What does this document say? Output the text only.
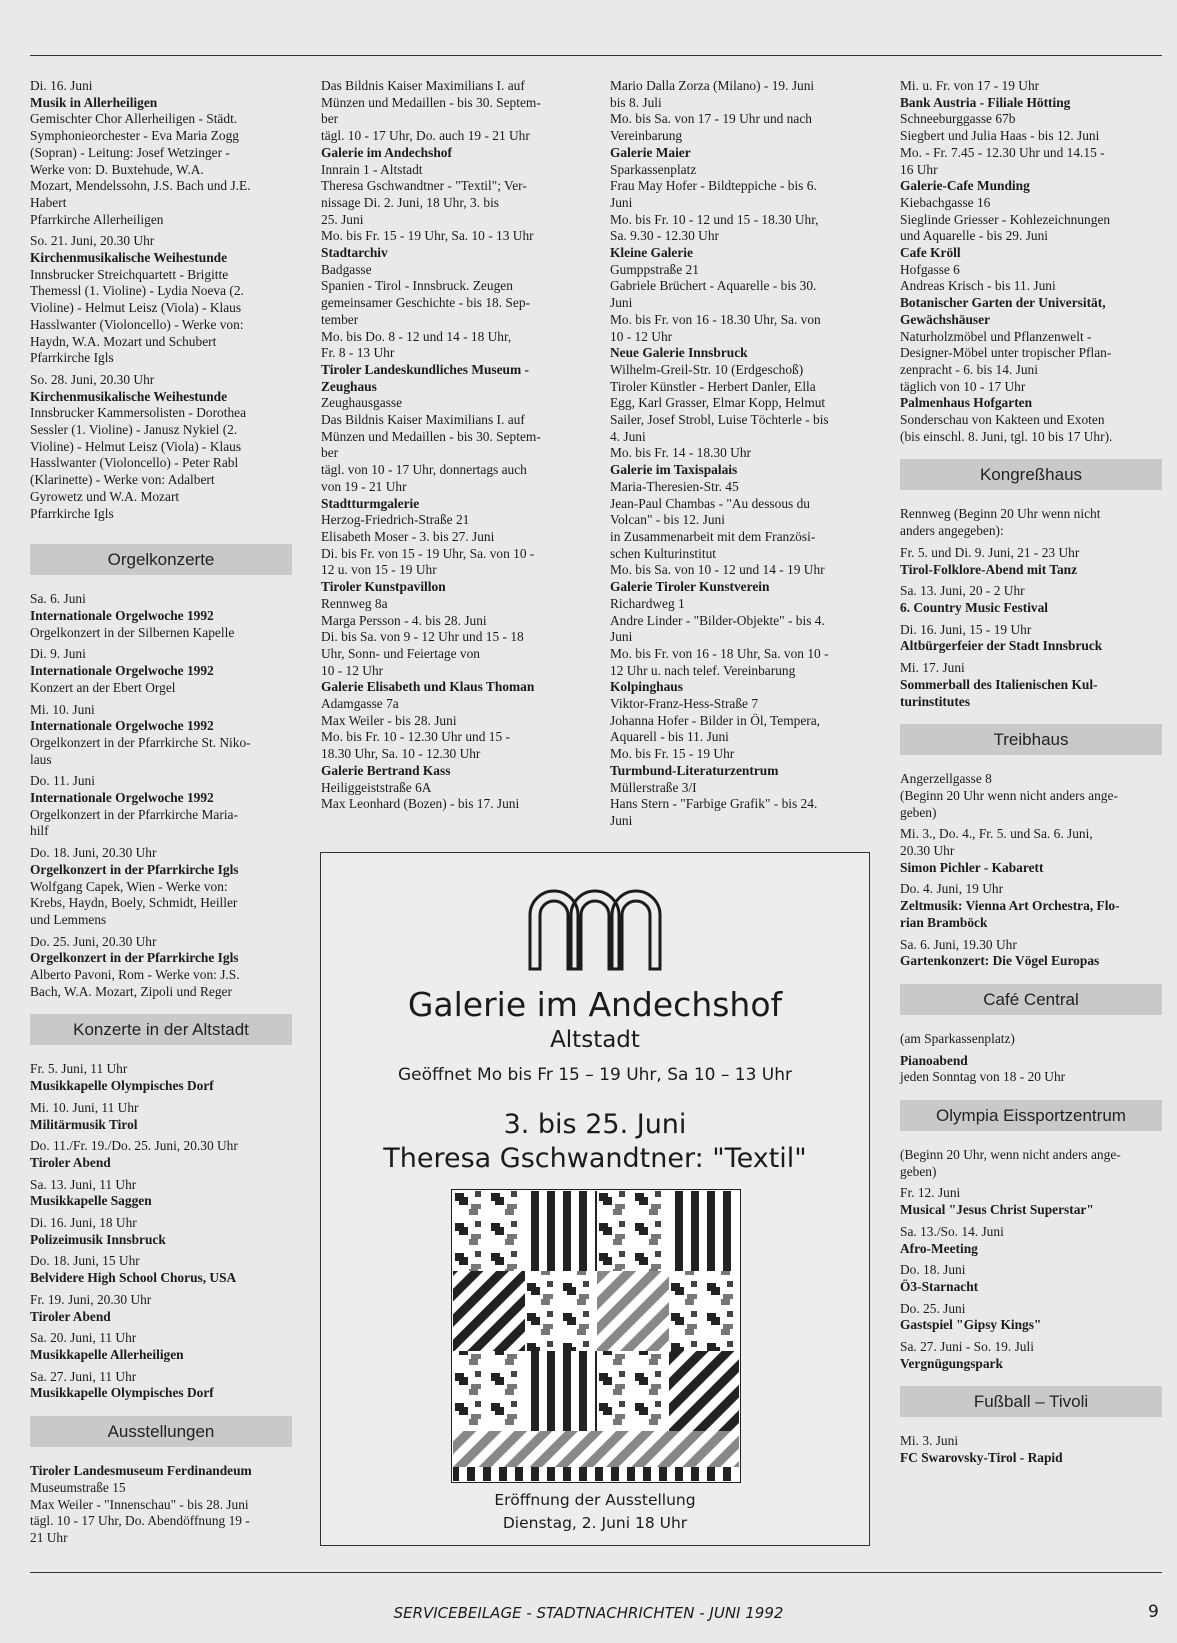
Di. 16. Juni
Musik in Allerheiligen
Gemischter Chor Allerheiligen - Städt.
Symphonieorchester - Eva Maria Zogg
(Sopran) - Leitung: Josef Wetzinger -
Werke von: D. Buxtehude, W.A.
Mozart, Mendelssohn, J.S. Bach und J.E.
Habert
Pfarrkirche Allerheiligen
So. 21. Juni, 20.30 Uhr
Kirchenmusikalische Weihestunde
Innsbrucker Streichquartett - Brigitte
Themessl (1. Violine) - Lydia Noeva (2.
Violine) - Helmut Leisz (Viola) - Klaus
Hasslwanter (Violoncello) - Werke von:
Haydn, W.A. Mozart und Schubert
Pfarrkirche Igls
So. 28. Juni, 20.30 Uhr
Kirchenmusikalische Weihestunde
Innsbrucker Kammersolisten - Dorothea
Sessler (1. Violine) - Janusz Nykiel (2.
Violine) - Helmut Leisz (Viola) - Klaus
Hasslwanter (Violoncello) - Peter Rabl
(Klarinette) - Werke von: Adalbert
Gyrowetz und W.A. Mozart
Pfarrkirche Igls
Orgelkonzerte
Sa. 6. Juni
Internationale Orgelwoche 1992
Orgelkonzert in der Silbernen Kapelle
Di. 9. Juni
Internationale Orgelwoche 1992
Konzert an der Ebert Orgel
Mi. 10. Juni
Internationale Orgelwoche 1992
Orgelkonzert in der Pfarrkirche St. Niko-
laus
Do. 11. Juni
Internationale Orgelwoche 1992
Orgelkonzert in der Pfarrkirche Maria-
hilf
Do. 18. Juni, 20.30 Uhr
Orgelkonzert in der Pfarrkirche Igls
Wolfgang Capek, Wien - Werke von:
Krebs, Haydn, Boely, Schmidt, Heiller
und Lemmens
Do. 25. Juni, 20.30 Uhr
Orgelkonzert in der Pfarrkirche Igls
Alberto Pavoni, Rom - Werke von: J.S.
Bach, W.A. Mozart, Zipoli und Reger
Konzerte in der Altstadt
Fr. 5. Juni, 11 Uhr
Musikkapelle Olympisches Dorf
Mi. 10. Juni, 11 Uhr
Militärmusik Tirol
Do. 11./Fr. 19./Do. 25. Juni, 20.30 Uhr
Tiroler Abend
Sa. 13. Juni, 11 Uhr
Musikkapelle Saggen
Di. 16. Juni, 18 Uhr
Polizeimusik Innsbruck
Do. 18. Juni, 15 Uhr
Belvidere High School Chorus, USA
Fr. 19. Juni, 20.30 Uhr
Tiroler Abend
Sa. 20. Juni, 11 Uhr
Musikkapelle Allerheiligen
Sa. 27. Juni, 11 Uhr
Musikkapelle Olympisches Dorf
Ausstellungen
Tiroler Landesmuseum Ferdinandeum
Museumstraße 15
Max Weiler - "Innenschau" - bis 28. Juni
tägl. 10 - 17 Uhr, Do. Abendöffnung 19 -
21 Uhr
Das Bildnis Kaiser Maximilians I. auf
Münzen und Medaillen - bis 30. Septem-
ber
tägl. 10 - 17 Uhr, Do. auch 19 - 21 Uhr
Galerie im Andechshof
Innrain 1 - Altstadt
Theresa Gschwandtner - "Textil"; Ver-
nissage Di. 2. Juni, 18 Uhr, 3. bis
25. Juni
Mo. bis Fr. 15 - 19 Uhr, Sa. 10 - 13 Uhr
Stadtarchiv
Badgasse
Spanien - Tirol - Innsbruck. Zeugen
gemeinsamer Geschichte - bis 18. Sep-
tember
Mo. bis Do. 8 - 12 und 14 - 18 Uhr,
Fr. 8 - 13 Uhr
Tiroler Landeskundliches Museum -
Zeughaus
Zeughausgasse
Das Bildnis Kaiser Maximilians I. auf
Münzen und Medaillen - bis 30. Septem-
ber
tägl. von 10 - 17 Uhr, donnertags auch
von 19 - 21 Uhr
Stadtturmgalerie
Herzog-Friedrich-Straße 21
Elisabeth Moser - 3. bis 27. Juni
Di. bis Fr. von 15 - 19 Uhr, Sa. von 10 -
12 u. von 15 - 19 Uhr
Tiroler Kunstpavillon
Rennweg 8a
Marga Persson - 4. bis 28. Juni
Di. bis Sa. von 9 - 12 Uhr und 15 - 18
Uhr, Sonn- und Feiertage von
10 - 12 Uhr
Galerie Elisabeth und Klaus Thoman
Adamgasse 7a
Max Weiler - bis 28. Juni
Mo. bis Fr. 10 - 12.30 Uhr und 15 -
18.30 Uhr, Sa. 10 - 12.30 Uhr
Galerie Bertrand Kass
Heiliggeiststraße 6A
Max Leonhard (Bozen) - bis 17. Juni
Mario Dalla Zorza (Milano) - 19. Juni
bis 8. Juli
Mo. bis Sa. von 17 - 19 Uhr und nach
Vereinbarung
Galerie Maier
Sparkassenplatz
Frau May Hofer - Bildteppiche - bis 6.
Juni
Mo. bis Fr. 10 - 12 und 15 - 18.30 Uhr,
Sa. 9.30 - 12.30 Uhr
Kleine Galerie
Gumppstraße 21
Gabriele Brüchert - Aquarelle - bis 30.
Juni
Mo. bis Fr. von 16 - 18.30 Uhr, Sa. von
10 - 12 Uhr
Neue Galerie Innsbruck
Wilhelm-Greil-Str. 10 (Erdgeschoß)
Tiroler Künstler - Herbert Danler, Ella
Egg, Karl Grasser, Elmar Kopp, Helmut
Sailer, Josef Strobl, Luise Töchterle - bis
4. Juni
Mo. bis Fr. 14 - 18.30 Uhr
Galerie im Taxispalais
Maria-Theresien-Str. 45
Jean-Paul Chambas - "Au dessous du
Volcan" - bis 12. Juni
in Zusammenarbeit mit dem Französi-
schen Kulturinstitut
Mo. bis Sa. von 10 - 12 und 14 - 19 Uhr
Galerie Tiroler Kunstverein
Richardweg 1
Andre Linder - "Bilder-Objekte" - bis 4.
Juni
Mo. bis Fr. von 16 - 18 Uhr, Sa. von 10 -
12 Uhr u. nach telef. Vereinbarung
Kolpinghaus
Viktor-Franz-Hess-Straße 7
Johanna Hofer - Bilder in Öl, Tempera,
Aquarell - bis 11. Juni
Mo. bis Fr. 15 - 19 Uhr
Turmbund-Literaturzentrum
Müllerstraße 3/I
Hans Stern - "Farbige Grafik" - bis 24.
Juni
Mi. u. Fr. von 17 - 19 Uhr
Bank Austria - Filiale Hötting
Schneeburggasse 67b
Siegbert und Julia Haas - bis 12. Juni
Mo. - Fr. 7.45 - 12.30 Uhr und 14.15 -
16 Uhr
Galerie-Cafe Munding
Kiebachgasse 16
Sieglinde Griesser - Kohlezeichnungen
und Aquarelle - bis 29. Juni
Cafe Kröll
Hofgasse 6
Andreas Krisch - bis 11. Juni
Botanischer Garten der Universität,
Gewächshäuser
Naturholzmöbel und Pflanzenwelt -
Designer-Möbel unter tropischer Pflan-
zenpracht - 6. bis 14. Juni
täglich von 10 - 17 Uhr
Palmenhaus Hofgarten
Sonderschau von Kakteen und Exoten
(bis einschl. 8. Juni, tgl. 10 bis 17 Uhr).
Kongreßhaus
Rennweg (Beginn 20 Uhr wenn nicht
anders angegeben):
Fr. 5. und Di. 9. Juni, 21 - 23 Uhr
Tirol-Folklore-Abend mit Tanz
Sa. 13. Juni, 20 - 2 Uhr
6. Country Music Festival
Di. 16. Juni, 15 - 19 Uhr
Altbürgerfeier der Stadt Innsbruck
Mi. 17. Juni
Sommerball des Italienischen Kul-
turinstitutes
Treibhaus
Angerzellgasse 8
(Beginn 20 Uhr wenn nicht anders ange-
geben)
Mi. 3., Do. 4., Fr. 5. und Sa. 6. Juni,
20.30 Uhr
Simon Pichler - Kabarett
Do. 4. Juni, 19 Uhr
Zeltmusik: Vienna Art Orchestra, Flo-
rian Bramböck
Sa. 6. Juni, 19.30 Uhr
Gartenkonzert: Die Vögel Europas
Café Central
(am Sparkassenplatz)
Pianoabend
jeden Sonntag von 18 - 20 Uhr
Olympia Eissportzentrum
(Beginn 20 Uhr, wenn nicht anders ange-
geben)
Fr. 12. Juni
Musical "Jesus Christ Superstar"
Sa. 13./So. 14. Juni
Afro-Meeting
Do. 18. Juni
Ö3-Starnacht
Do. 25. Juni
Gastspiel "Gipsy Kings"
Sa. 27. Juni - So. 19. Juli
Vergnügungspark
Fußball – Tivoli
Mi. 3. Juni
FC Swarovsky-Tirol - Rapid
Galerie im Andechshof
Altstadt
Geöffnet Mo bis Fr 15 – 19 Uhr, Sa 10 – 13 Uhr
3. bis 25. Juni
Theresa Gschwandtner: "Textil"
Eröffnung der Ausstellung
Dienstag, 2. Juni 18 Uhr
SERVICEBEILAGE - STADTNACHRICHTEN - JUNI 1992	9
